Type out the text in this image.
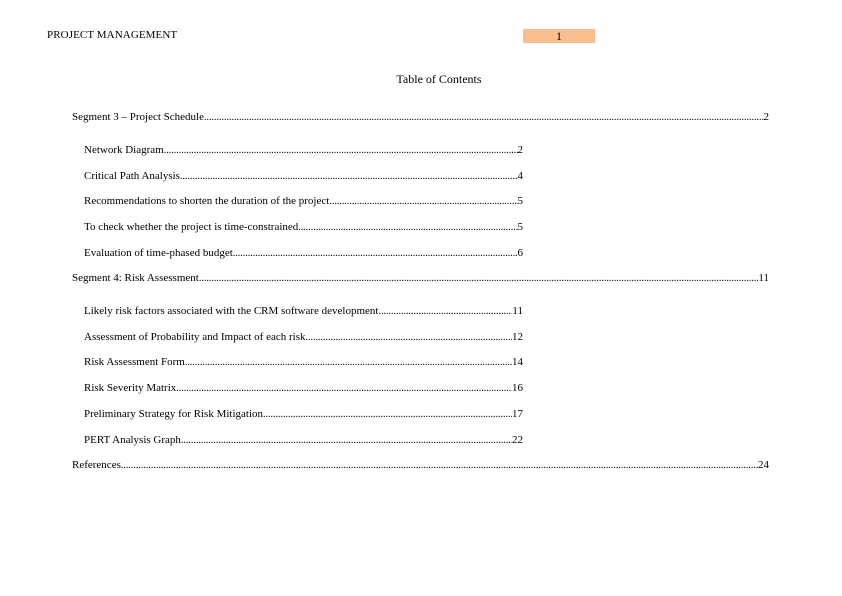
PROJECT MANAGEMENT	1
Table of Contents
Segment 3 – Project Schedule .....	2
Network Diagram .....	2
Critical Path Analysis .....	4
Recommendations to shorten the duration of the project .....	5
To check whether the project is time-constrained .....	5
Evaluation of time-phased budget .....	6
Segment 4: Risk Assessment .....	11
Likely risk factors associated with the CRM software development .....	11
Assessment of Probability and Impact of each risk .....	12
Risk Assessment Form .....	14
Risk Severity Matrix .....	16
Preliminary Strategy for Risk Mitigation .....	17
PERT Analysis Graph .....	22
References .....	24
